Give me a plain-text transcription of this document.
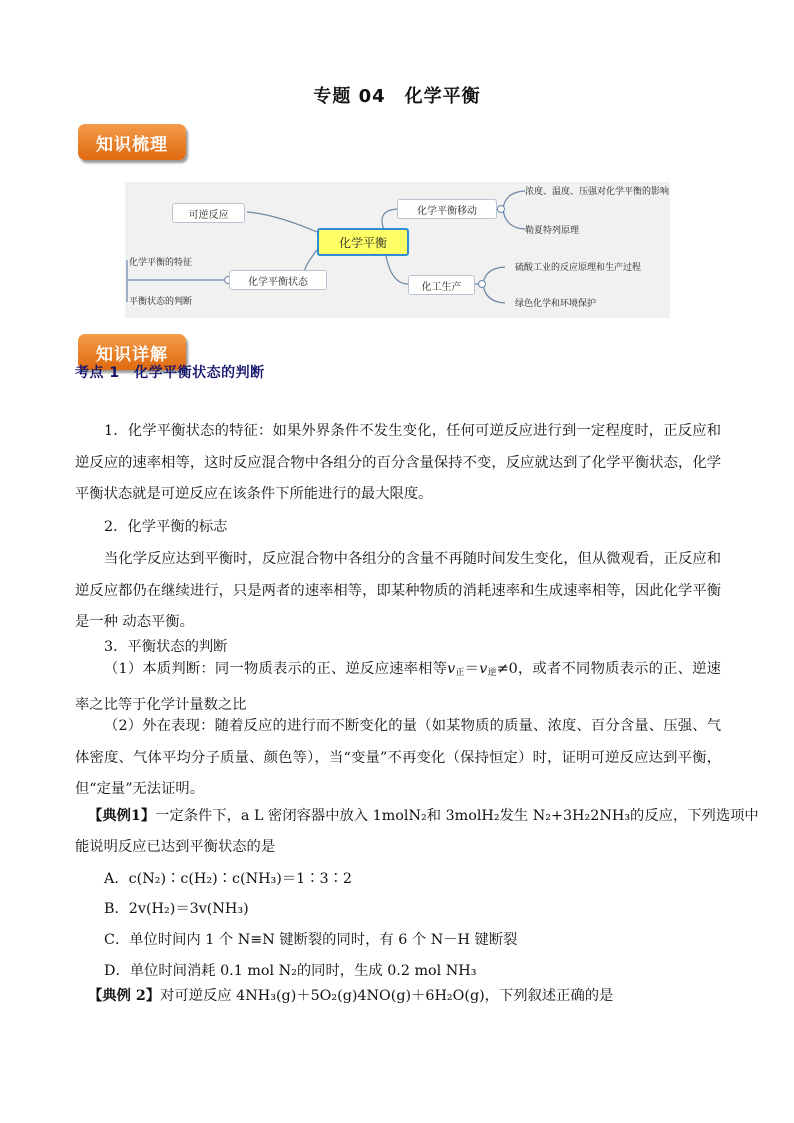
专题 04　化学平衡
知识梳理
化学平衡
可逆反应	化学平衡移动
化学平衡状态	化工生产
浓度、温度、压强对化学平衡的影响
勒夏特列原理
化学平衡的特征
平衡状态的判断
硫酸工业的反应原理和生产过程
绿色化学和环境保护
知识详解
考点 1　化学平衡状态的判断

1．化学平衡状态的特征：如果外界条件不发生变化，任何可逆反应进行到一定程度时，正反应和逆反应的速率相等，这时反应混合物中各组分的百分含量保持不变，反应就达到了化学平衡状态，化学平衡状态就是可逆反应在该条件下所能进行的最大限度。

2．化学平衡的标志

当化学反应达到平衡时，反应混合物中各组分的含量不再随时间发生变化，但从微观看，正反应和逆反应都仍在继续进行，只是两者的速率相等，即某种物质的消耗速率和生成速率相等，因此化学平衡是一种 动态平衡。

3．平衡状态的判断

（1）本质判断：同一物质表示的正、逆反应速率相等v正＝v逆≠0，或者不同物质表示的正、逆速率之比等于化学计量数之比

（2）外在表现：随着反应的进行而不断变化的量（如某物质的质量、浓度、百分含量、压强、气体密度、气体平均分子质量、颜色等），当“变量”不再变化（保持恒定）时，证明可逆反应达到平衡，但“定量”无法证明。

【典例1】一定条件下，a L 密闭容器中放入 1molN₂和 3molH₂发生 N₂+3H₂2NH₃的反应，下列选项中
能说明反应已达到平衡状态的是
A．c(N₂)∶c(H₂)∶c(NH₃)＝1∶3∶2
B．2v(H₂)＝3v(NH₃)
C．单位时间内 1 个 N≡N 键断裂的同时，有 6 个 N－H 键断裂
D．单位时间消耗 0.1 mol N₂的同时，生成 0.2 mol NH₃
【典例 2】对可逆反应 4NH₃(g)＋5O₂(g)4NO(g)＋6H₂O(g)，下列叙述正确的是
